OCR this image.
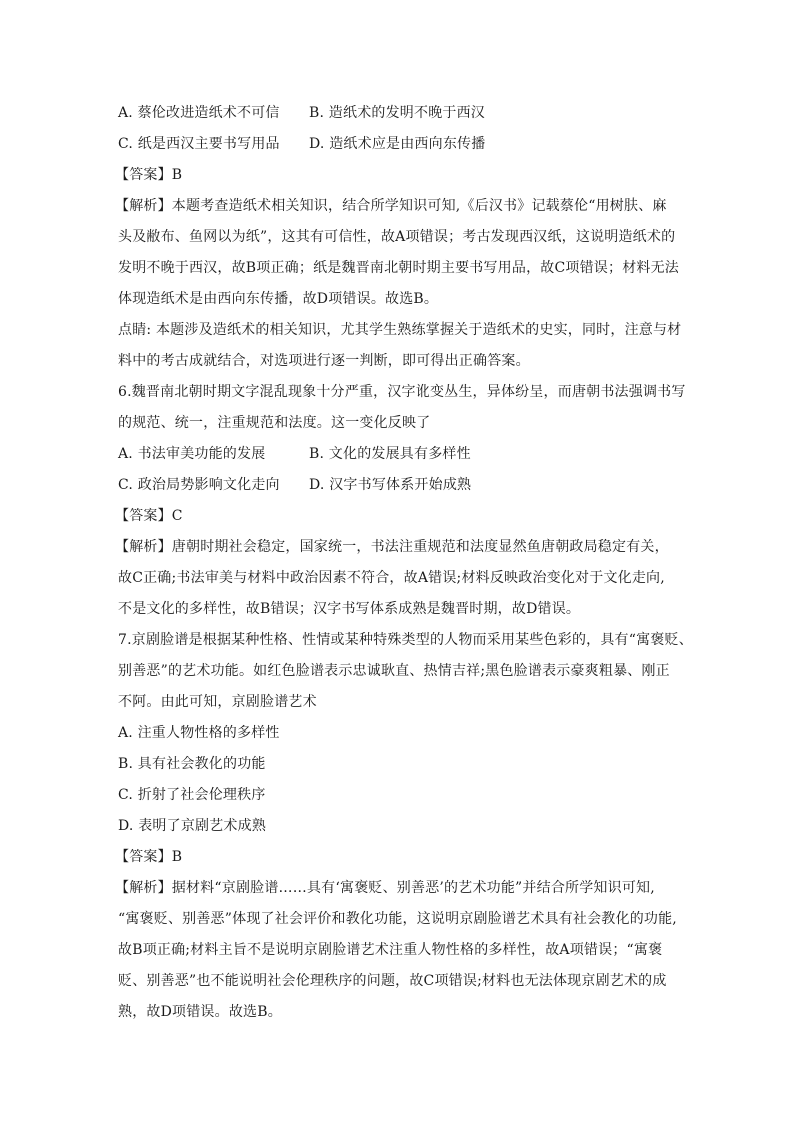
A. 蔡伦改进造纸术不可信	B. 造纸术的发明不晚于西汉
C. 纸是西汉主要书写用品	D. 造纸术应是由西向东传播
【答案】B
【解析】本题考查造纸术相关知识，结合所学知识可知,《后汉书》记载蔡伦“用树肤、麻
头及敝布、鱼网以为纸”，这其有可信性，故A项错误；考古发现西汉纸，这说明造纸术的
发明不晚于西汉，故B项正确；纸是魏晋南北朝时期主要书写用品，故C项错误；材料无法
体现造纸术是由西向东传播，故D项错误。故选B。
点睛: 本题涉及造纸术的相关知识，尤其学生熟练掌握关于造纸术的史实，同时，注意与材
料中的考古成就结合，对选项进行逐一判断，即可得出正确答案。
6.魏晋南北朝时期文字混乱现象十分严重，汉字讹变丛生，异体纷呈，而唐朝书法强调书写
的规范、统一，注重规范和法度。这一变化反映了
A. 书法审美功能的发展	B. 文化的发展具有多样性
C. 政治局势影响文化走向	D. 汉字书写体系开始成熟
【答案】C
【解析】唐朝时期社会稳定，国家统一，书法注重规范和法度显然鱼唐朝政局稳定有关，
故C正确;书法审美与材料中政治因素不符合，故A错误;材料反映政治变化对于文化走向,
不是文化的多样性，故B错误；汉字书写体系成熟是魏晋时期，故D错误。
7.京剧脸谱是根据某种性格、性情或某种特殊类型的人物而采用某些色彩的，具有“寓褒贬、
别善恶”的艺术功能。如红色脸谱表示忠诚耿直、热情吉祥;黑色脸谱表示豪爽粗暴、刚正
不阿。由此可知，京剧脸谱艺术
A. 注重人物性格的多样性
B. 具有社会教化的功能
C. 折射了社会伦理秩序
D. 表明了京剧艺术成熟
【答案】B
【解析】据材料“京剧脸谱……具有‘寓褒贬、别善恶’的艺术功能”并结合所学知识可知,
“寓褒贬、别善恶”体现了社会评价和教化功能，这说明京剧脸谱艺术具有社会教化的功能,
故B项正确;材料主旨不是说明京剧脸谱艺术注重人物性格的多样性，故A项错误；“寓褒
贬、别善恶”也不能说明社会伦理秩序的问题，故C项错误;材料也无法体现京剧艺术的成
熟，故D项错误。故选B。
